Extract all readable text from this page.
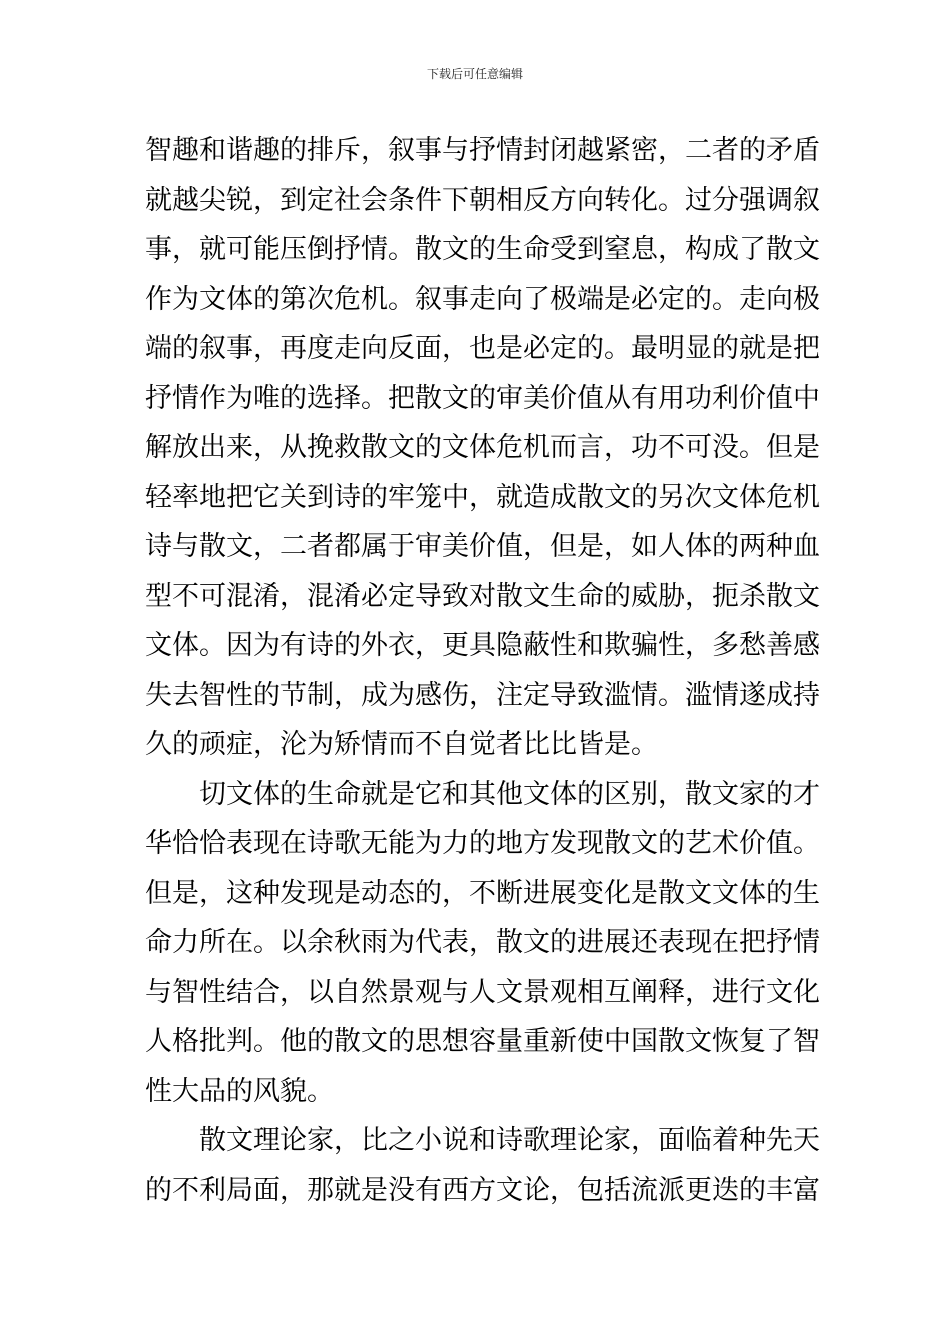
下载后可任意编辑
智趣和谐趣的排斥，叙事与抒情封闭越紧密，二者的矛盾
就越尖锐，到定社会条件下朝相反方向转化。过分强调叙
事，就可能压倒抒情。散文的生命受到窒息，构成了散文
作为文体的第次危机。叙事走向了极端是必定的。走向极
端的叙事，再度走向反面，也是必定的。最明显的就是把
抒情作为唯的选择。把散文的审美价值从有用功利价值中
解放出来，从挽救散文的文体危机而言，功不可没。但是
轻率地把它关到诗的牢笼中，就造成散文的另次文体危机
诗与散文，二者都属于审美价值，但是，如人体的两种血
型不可混淆，混淆必定导致对散文生命的威胁，扼杀散文
文体。因为有诗的外衣，更具隐蔽性和欺骗性，多愁善感
失去智性的节制，成为感伤，注定导致滥情。滥情遂成持
久的顽症，沦为矫情而不自觉者比比皆是。
切文体的生命就是它和其他文体的区别，散文家的才
华恰恰表现在诗歌无能为力的地方发现散文的艺术价值。
但是，这种发现是动态的，不断进展变化是散文文体的生
命力所在。以余秋雨为代表，散文的进展还表现在把抒情
与智性结合，以自然景观与人文景观相互阐释，进行文化
人格批判。他的散文的思想容量重新使中国散文恢复了智
性大品的风貌。
散文理论家，比之小说和诗歌理论家，面临着种先天
的不利局面，那就是没有西方文论，包括流派更迭的丰富
